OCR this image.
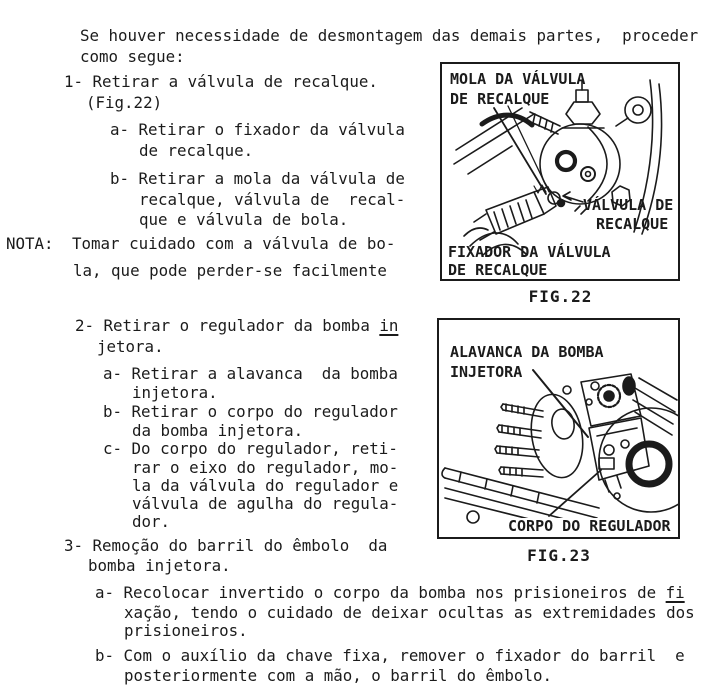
Se houver necessidade de desmontagem das demais partes,  proceder
como segue:
1- Retirar a válvula de recalque.
(Fig.22)
a- Retirar o fixador da válvula
de recalque.
b- Retirar a mola da válvula de
recalque, válvula de  recal-
que e válvula de bola.
NOTA: Tomar cuidado com a válvula de bo-
la, que pode perder-se facilmente
2- Retirar o regulador da bomba in
jetora.
a- Retirar a alavanca  da bomba
injetora.
b- Retirar o corpo do regulador
da bomba injetora.
c- Do corpo do regulador, reti-
rar o eixo do regulador, mo-
la da válvula do regulador e
válvula de agulha do regula-
dor.
3- Remoção do barril do êmbolo  da
bomba injetora.
a- Recolocar invertido o corpo da bomba nos prisioneiros de fi
xação, tendo o cuidado de deixar ocultas as extremidades dos
prisioneiros.
b- Com o auxílio da chave fixa, remover o fixador do barril  e
posteriormente com a mão, o barril do êmbolo.
MOLA DA VÁLVULA
DE RECALQUE
VÁLVULA DE
RECALQUE
FIXADOR DA VÁLVULA
DE RECALQUE
FIG.22
ALAVANCA DA BOMBA
INJETORA
CORPO DO REGULADOR
FIG.23
